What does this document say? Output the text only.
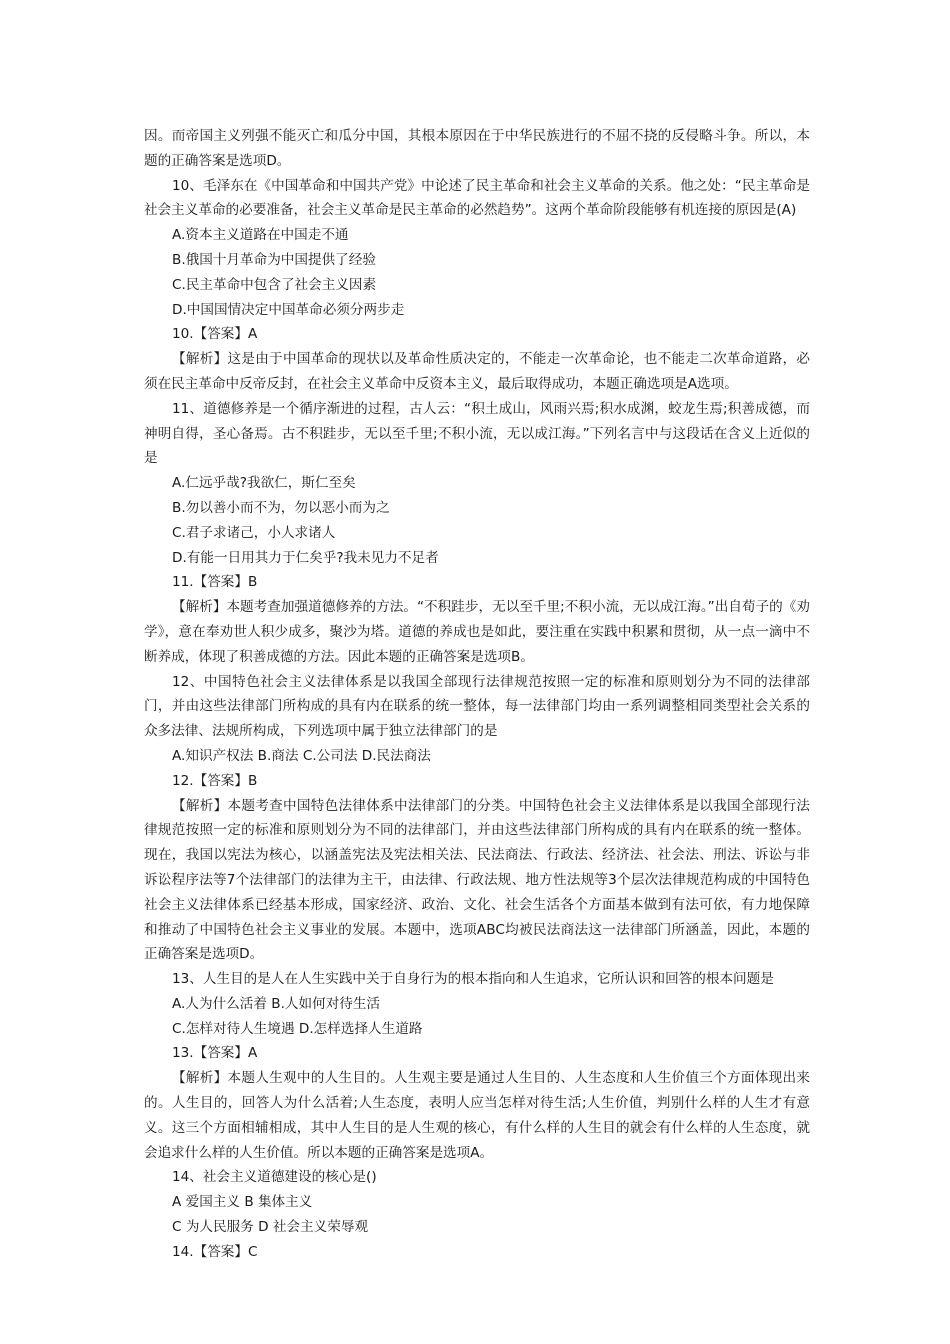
因。而帝国主义列强不能灭亡和瓜分中国，其根本原因在于中华民族进行的不屈不挠的反侵略斗争。所以，本题的正确答案是选项D。

10、毛泽东在《中国革命和中国共产党》中论述了民主革命和社会主义革命的关系。他之处：“民主革命是社会主义革命的必要准备，社会主义革命是民主革命的必然趋势”。这两个革命阶段能够有机连接的原因是(A)

A.资本主义道路在中国走不通

B.俄国十月革命为中国提供了经验

C.民主革命中包含了社会主义因素

D.中国国情决定中国革命必须分两步走

10.【答案】A

【解析】这是由于中国革命的现状以及革命性质决定的，不能走一次革命论，也不能走二次革命道路，必须在民主革命中反帝反封，在社会主义革命中反资本主义，最后取得成功，本题正确选项是A选项。

11、道德修养是一个循序渐进的过程，古人云：“积土成山，风雨兴焉;积水成渊，蛟龙生焉;积善成德，而神明自得，圣心备焉。古不积跬步，无以至千里;不积小流，无以成江海。”下列名言中与这段话在含义上近似的是

A.仁远乎哉?我欲仁，斯仁至矣

B.勿以善小而不为，勿以恶小而为之

C.君子求诸己，小人求诸人

D.有能一日用其力于仁矣乎?我未见力不足者

11.【答案】B

【解析】本题考查加强道德修养的方法。“不积跬步，无以至千里;不积小流，无以成江海。”出自荀子的《劝学》，意在奉劝世人积少成多，聚沙为塔。道德的养成也是如此，要注重在实践中积累和贯彻，从一点一滴中不断养成，体现了积善成德的方法。因此本题的正确答案是选项B。

12、中国特色社会主义法律体系是以我国全部现行法律规范按照一定的标准和原则划分为不同的法律部门，并由这些法律部门所构成的具有内在联系的统一整体，每一法律部门均由一系列调整相同类型社会关系的众多法律、法规所构成，下列选项中属于独立法律部门的是

A.知识产权法 B.商法 C.公司法 D.民法商法

12.【答案】B

【解析】本题考查中国特色法律体系中法律部门的分类。中国特色社会主义法律体系是以我国全部现行法律规范按照一定的标准和原则划分为不同的法律部门，并由这些法律部门所构成的具有内在联系的统一整体。现在，我国以宪法为核心，以涵盖宪法及宪法相关法、民法商法、行政法、经济法、社会法、刑法、诉讼与非诉讼程序法等7个法律部门的法律为主干，由法律、行政法规、地方性法规等3个层次法律规范构成的中国特色社会主义法律体系已经基本形成，国家经济、政治、文化、社会生活各个方面基本做到有法可依，有力地保障和推动了中国特色社会主义事业的发展。本题中，选项ABC均被民法商法这一法律部门所涵盖，因此，本题的正确答案是选项D。

13、人生目的是人在人生实践中关于自身行为的根本指向和人生追求，它所认识和回答的根本问题是

A.人为什么活着 B.人如何对待生活

C.怎样对待人生境遇 D.怎样选择人生道路

13.【答案】A

【解析】本题人生观中的人生目的。人生观主要是通过人生目的、人生态度和人生价值三个方面体现出来的。人生目的，回答人为什么活着;人生态度，表明人应当怎样对待生活;人生价值，判别什么样的人生才有意义。这三个方面相辅相成，其中人生目的是人生观的核心，有什么样的人生目的就会有什么样的人生态度，就会追求什么样的人生价值。所以本题的正确答案是选项A。

14、社会主义道德建设的核心是()

A 爱国主义 B 集体主义

C 为人民服务 D 社会主义荣辱观

14.【答案】C
